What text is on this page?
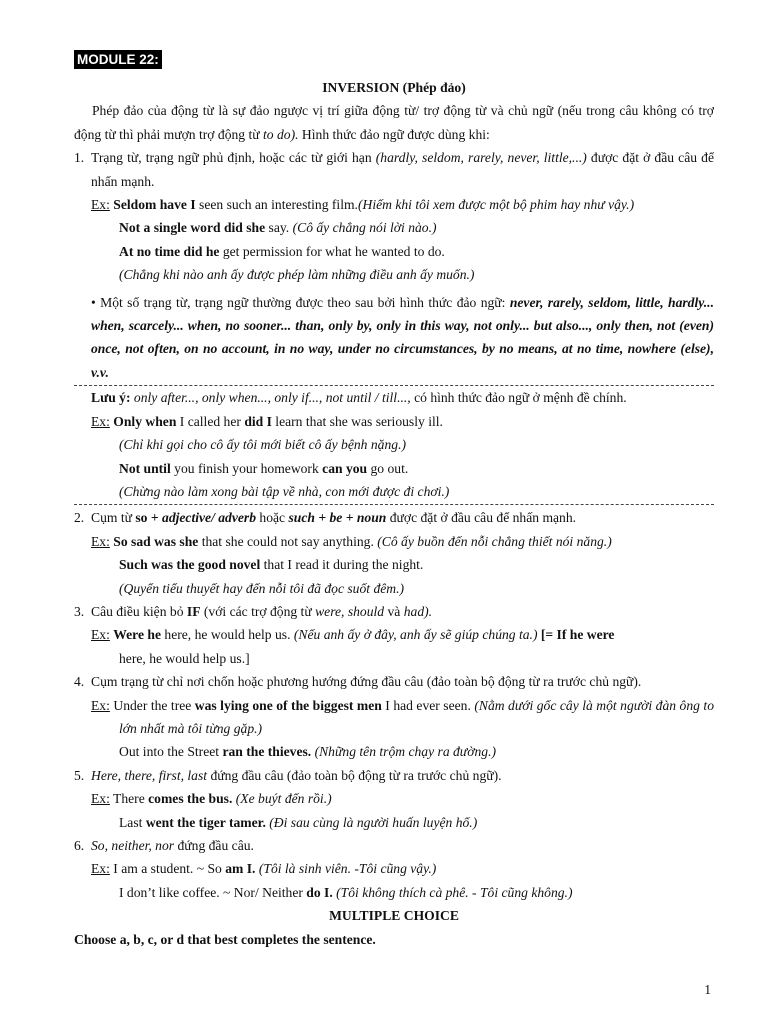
MODULE 22:

INVERSION (Phép đảo)

Phép đảo của động từ là sự đảo ngược vị trí giữa động từ/ trợ động từ và chủ ngữ (nếu trong câu không có trợ động từ thì phải mượn trợ động từ to do). Hình thức đảo ngữ được dùng khi:

1. Trạng từ, trạng ngữ phủ định, hoặc các từ giới hạn (hardly, seldom, rarely, never, little,...) được đặt ở đầu câu để nhấn mạnh.

Ex: Seldom have I seen such an interesting film.(Hiếm khi tôi xem được một bộ phim hay như vậy.)

Not a single word did she say. (Cô ấy chẳng nói lời nào.)

At no time did he get permission for what he wanted to do.

(Chẳng khi nào anh ấy được phép làm những điều anh ấy muốn.)

• Một số trạng từ, trạng ngữ thường được theo sau bởi hình thức đảo ngữ: never, rarely, seldom, little, hardly... when, scarcely... when, no sooner... than, only by, only in this way, not only... but also..., only then, not (even) once, not often, on no account, in no way, under no circumstances, by no means, at no time, nowhere (else), v.v.

Lưu ý: only after..., only when..., only if..., not until / till..., có hình thức đảo ngữ ở mệnh đề chính.

Ex: Only when I called her did I learn that she was seriously ill.

(Chỉ khi gọi cho cô ấy tôi mới biết cô ấy bệnh nặng.)

Not until you finish your homework can you go out.

(Chừng nào làm xong bài tập về nhà, con mới được đi chơi.)

2. Cụm từ so + adjective/ adverb hoặc such + be + noun được đặt ở đầu câu để nhấn mạnh.

Ex: So sad was she that she could not say anything. (Cô ấy buồn đến nỗi chẳng thiết nói năng.)

Such was the good novel that I read it during the night.

(Quyển tiểu thuyết hay đến nỗi tôi đã đọc suốt đêm.)

3. Câu điều kiện bỏ IF (với các trợ động từ were, should và had).

Ex: Were he here, he would help us. (Nếu anh ấy ở đây, anh ấy sẽ giúp chúng ta.) [= If he were

here, he would help us.]

4. Cụm trạng từ chỉ nơi chốn hoặc phương hướng đứng đầu câu (đảo toàn bộ động từ ra trước chủ ngữ).

Ex: Under the tree was lying one of the biggest men I had ever seen. (Nằm dưới gốc cây là một người đàn ông to lớn nhất mà tôi từng gặp.)

Out into the Street ran the thieves. (Những tên trộm chạy ra đường.)

5. Here, there, first, last đứng đầu câu (đảo toàn bộ động từ ra trước chủ ngữ).

Ex: There comes the bus. (Xe buýt đến rồi.)

Last went the tiger tamer. (Đi sau cùng là người huấn luyện hổ.)

6. So, neither, nor đứng đầu câu.

Ex: I am a student. ~ So am I. (Tôi là sinh viên. -Tôi cũng vậy.)

I don’t like coffee. ~ Nor/ Neither do I. (Tôi không thích cà phê. - Tôi cũng không.)

MULTIPLE CHOICE

Choose a, b, c, or d that best completes the sentence.

1
